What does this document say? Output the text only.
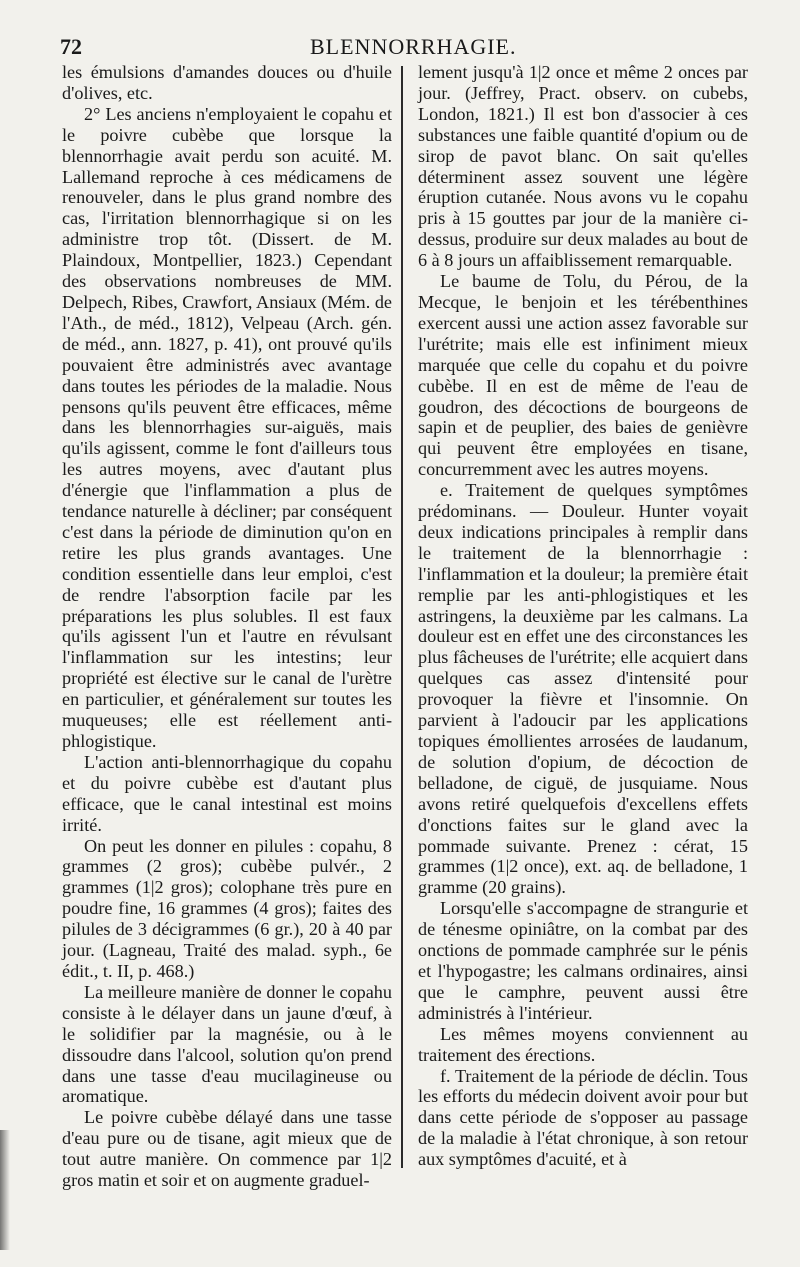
72	BLENNORRHAGIE.

les émulsions d'amandes douces ou d'huile d'olives, etc.

2° Les anciens n'employaient le copahu et le poivre cubèbe que lorsque la blennorrhagie avait perdu son acuité. M. Lallemand reproche à ces médicamens de renouveler, dans le plus grand nombre des cas, l'irritation blennorrhagique si on les administre trop tôt. (Dissert. de M. Plaindoux, Montpellier, 1823.) Cependant des observations nombreuses de MM. Delpech, Ribes, Crawfort, Ansiaux (Mém. de l'Ath., de méd., 1812), Velpeau (Arch. gén. de méd., ann. 1827, p. 41), ont prouvé qu'ils pouvaient être administrés avec avantage dans toutes les périodes de la maladie. Nous pensons qu'ils peuvent être efficaces, même dans les blennorrhagies sur-aiguës, mais qu'ils agissent, comme le font d'ailleurs tous les autres moyens, avec d'autant plus d'énergie que l'inflammation a plus de tendance naturelle à décliner; par conséquent c'est dans la période de diminution qu'on en retire les plus grands avantages. Une condition essentielle dans leur emploi, c'est de rendre l'absorption facile par les préparations les plus solubles. Il est faux qu'ils agissent l'un et l'autre en révulsant l'inflammation sur les intestins; leur propriété est élective sur le canal de l'urètre en particulier, et généralement sur toutes les muqueuses; elle est réellement anti-phlogistique.

L'action anti-blennorrhagique du copahu et du poivre cubèbe est d'autant plus efficace, que le canal intestinal est moins irrité.

On peut les donner en pilules : copahu, 8 grammes (2 gros); cubèbe pulvér., 2 grammes (1|2 gros); colophane très pure en poudre fine, 16 grammes (4 gros); faites des pilules de 3 décigrammes (6 gr.), 20 à 40 par jour. (Lagneau, Traité des malad. syph., 6e édit., t. II, p. 468.)

La meilleure manière de donner le copahu consiste à le délayer dans un jaune d'œuf, à le solidifier par la magnésie, ou à le dissoudre dans l'alcool, solution qu'on prend dans une tasse d'eau mucilagineuse ou aromatique.

Le poivre cubèbe délayé dans une tasse d'eau pure ou de tisane, agit mieux que de tout autre manière. On commence par 1|2 gros matin et soir et on augmente graduel-

lement jusqu'à 1|2 once et même 2 onces par jour. (Jeffrey, Pract. observ. on cubebs, London, 1821.) Il est bon d'associer à ces substances une faible quantité d'opium ou de sirop de pavot blanc. On sait qu'elles déterminent assez souvent une légère éruption cutanée. Nous avons vu le copahu pris à 15 gouttes par jour de la manière ci-dessus, produire sur deux malades au bout de 6 à 8 jours un affaiblissement remarquable.

Le baume de Tolu, du Pérou, de la Mecque, le benjoin et les térébenthines exercent aussi une action assez favorable sur l'urétrite; mais elle est infiniment mieux marquée que celle du copahu et du poivre cubèbe. Il en est de même de l'eau de goudron, des décoctions de bourgeons de sapin et de peuplier, des baies de genièvre qui peuvent être employées en tisane, concurremment avec les autres moyens.

e. Traitement de quelques symptômes prédominans. — Douleur. Hunter voyait deux indications principales à remplir dans le traitement de la blennorrhagie : l'inflammation et la douleur; la première était remplie par les anti-phlogistiques et les astringens, la deuxième par les calmans. La douleur est en effet une des circonstances les plus fâcheuses de l'urétrite; elle acquiert dans quelques cas assez d'intensité pour provoquer la fièvre et l'insomnie. On parvient à l'adoucir par les applications topiques émollientes arrosées de laudanum, de solution d'opium, de décoction de belladone, de ciguë, de jusquiame. Nous avons retiré quelquefois d'excellens effets d'onctions faites sur le gland avec la pommade suivante. Prenez : cérat, 15 grammes (1|2 once), ext. aq. de belladone, 1 gramme (20 grains).

Lorsqu'elle s'accompagne de strangurie et de ténesme opiniâtre, on la combat par des onctions de pommade camphrée sur le pénis et l'hypogastre; les calmans ordinaires, ainsi que le camphre, peuvent aussi être administrés à l'intérieur.

Les mêmes moyens conviennent au traitement des érections.

f. Traitement de la période de déclin. Tous les efforts du médecin doivent avoir pour but dans cette période de s'opposer au passage de la maladie à l'état chronique, à son retour aux symptômes d'acuité, et à
